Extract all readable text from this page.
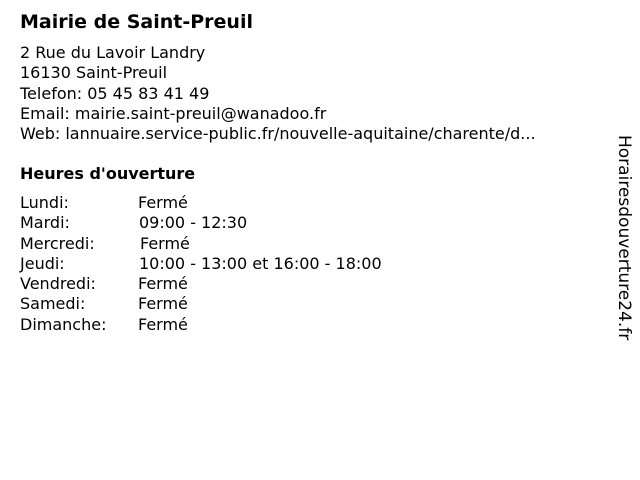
Mairie de Saint-Preuil
2 Rue du Lavoir Landry
16130 Saint-Preuil
Telefon: 05 45 83 41 49
Email: mairie.saint-preuil@wanadoo.fr
Web: lannuaire.service-public.fr/nouvelle-aquitaine/charente/d...
Heures d'ouverture
Lundi:	Fermé
Mardi:	09:00 - 12:30
Mercredi:	Fermé
Jeudi:	10:00 - 13:00 et 16:00 - 18:00
Vendredi:	Fermé
Samedi:	Fermé
Dimanche: Fermé	Horairesdouverture24.fr
